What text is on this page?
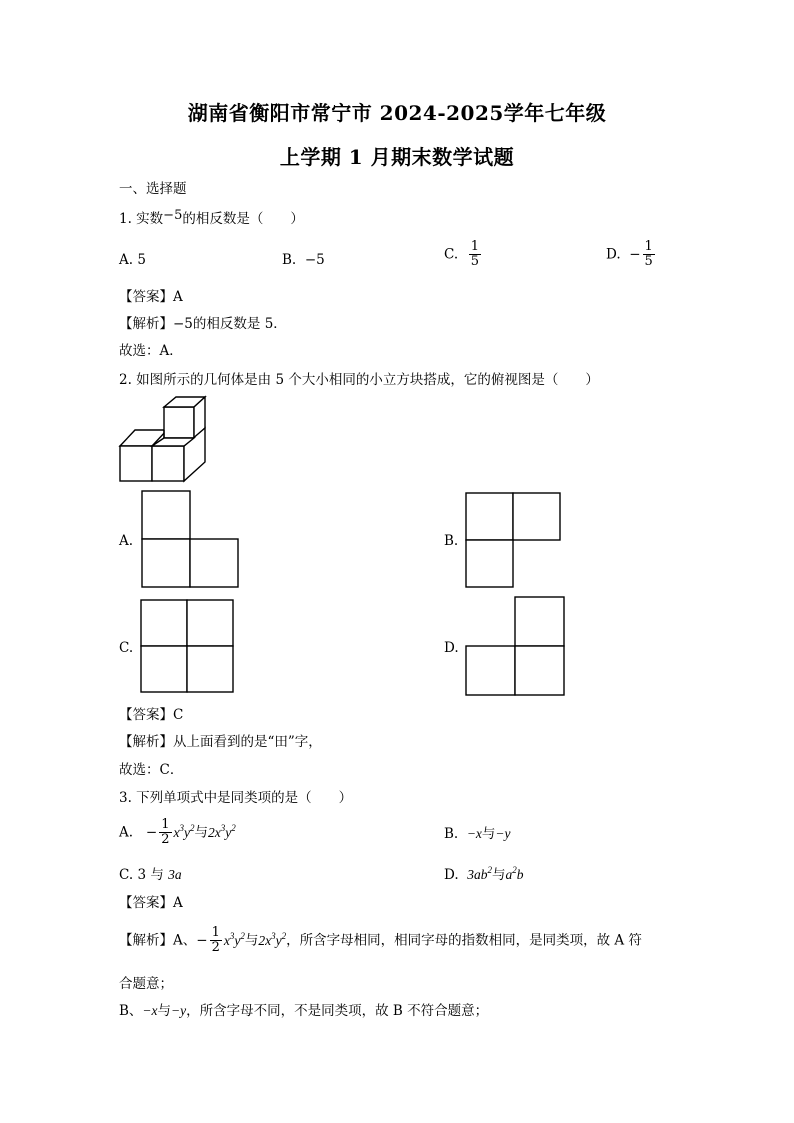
湖南省衡阳市常宁市 2024-2025学年七年级
上学期 1 月期末数学试题
一、选择题
1. 实数$^{-5}$的相反数是（　　）
A. 5	B. −5	C. $\frac{1}{5}$	D. − $\frac{1}{5}$
【答案】A
【解析】−5的相反数是 5．
故选：A．
2. 如图所示的几何体是由 5 个大小相同的小立方块搭成，它的俯视图是（　　）
A.	B.
C.	D.
【答案】C
【解析】从上面看到的是“田”字，
故选：C．
3. 下列单项式中是同类项的是（　　）
A. − $\frac{1}{2} x^3y^2$与$2x^3y^2$	B. −x与−y
C. 3 与 3a	D. $3ab^2$与$a^2b$
【答案】A
【解析】A、− $\frac{1}{2} x^3y^2$与$2x^3y^2$，所含字母相同，相同字母的指数相同，是同类项，故 A 符
合题意；
B、−x与−y，所含字母不同，不是同类项，故 B 不符合题意；
